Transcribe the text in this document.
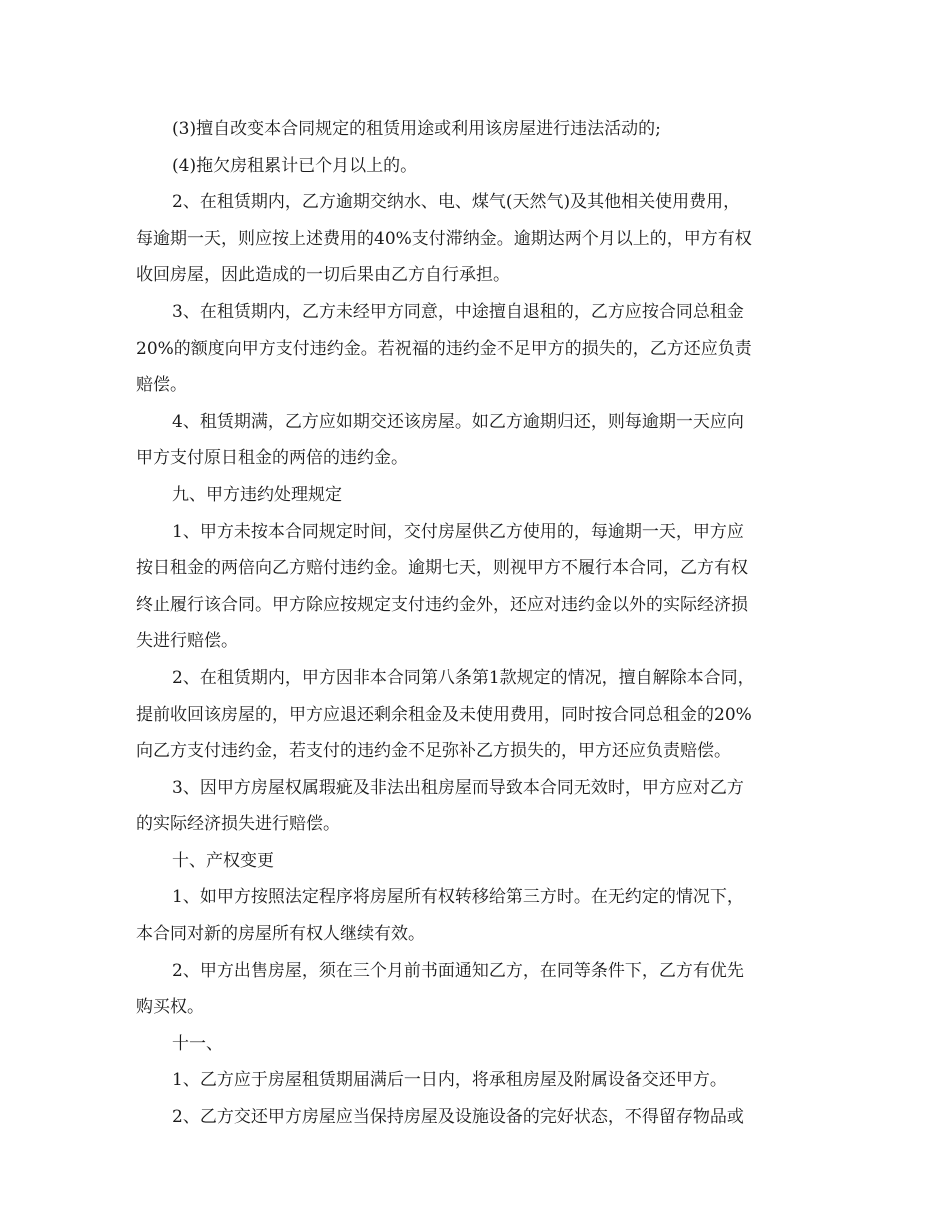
(3)擅自改变本合同规定的租赁用途或利用该房屋进行违法活动的;
(4)拖欠房租累计已个月以上的。
2、在租赁期内，乙方逾期交纳水、电、煤气(天然气)及其他相关使用费用，
每逾期一天，则应按上述费用的40%支付滞纳金。逾期达两个月以上的，甲方有权
收回房屋，因此造成的一切后果由乙方自行承担。
3、在租赁期内，乙方未经甲方同意，中途擅自退租的，乙方应按合同总租金
20%的额度向甲方支付违约金。若祝福的违约金不足甲方的损失的，乙方还应负责
赔偿。
4、租赁期满，乙方应如期交还该房屋。如乙方逾期归还，则每逾期一天应向
甲方支付原日租金的两倍的违约金。
九、甲方违约处理规定
1、甲方未按本合同规定时间，交付房屋供乙方使用的，每逾期一天，甲方应
按日租金的两倍向乙方赔付违约金。逾期七天，则视甲方不履行本合同，乙方有权
终止履行该合同。甲方除应按规定支付违约金外，还应对违约金以外的实际经济损
失进行赔偿。
2、在租赁期内，甲方因非本合同第八条第1款规定的情况，擅自解除本合同，
提前收回该房屋的，甲方应退还剩余租金及未使用费用，同时按合同总租金的20%
向乙方支付违约金，若支付的违约金不足弥补乙方损失的，甲方还应负责赔偿。
3、因甲方房屋权属瑕疵及非法出租房屋而导致本合同无效时，甲方应对乙方
的实际经济损失进行赔偿。
十、产权变更
1、如甲方按照法定程序将房屋所有权转移给第三方时。在无约定的情况下，
本合同对新的房屋所有权人继续有效。
2、甲方出售房屋，须在三个月前书面通知乙方，在同等条件下，乙方有优先
购买权。
十一、
1、乙方应于房屋租赁期届满后一日内，将承租房屋及附属设备交还甲方。
2、乙方交还甲方房屋应当保持房屋及设施设备的完好状态，不得留存物品或
